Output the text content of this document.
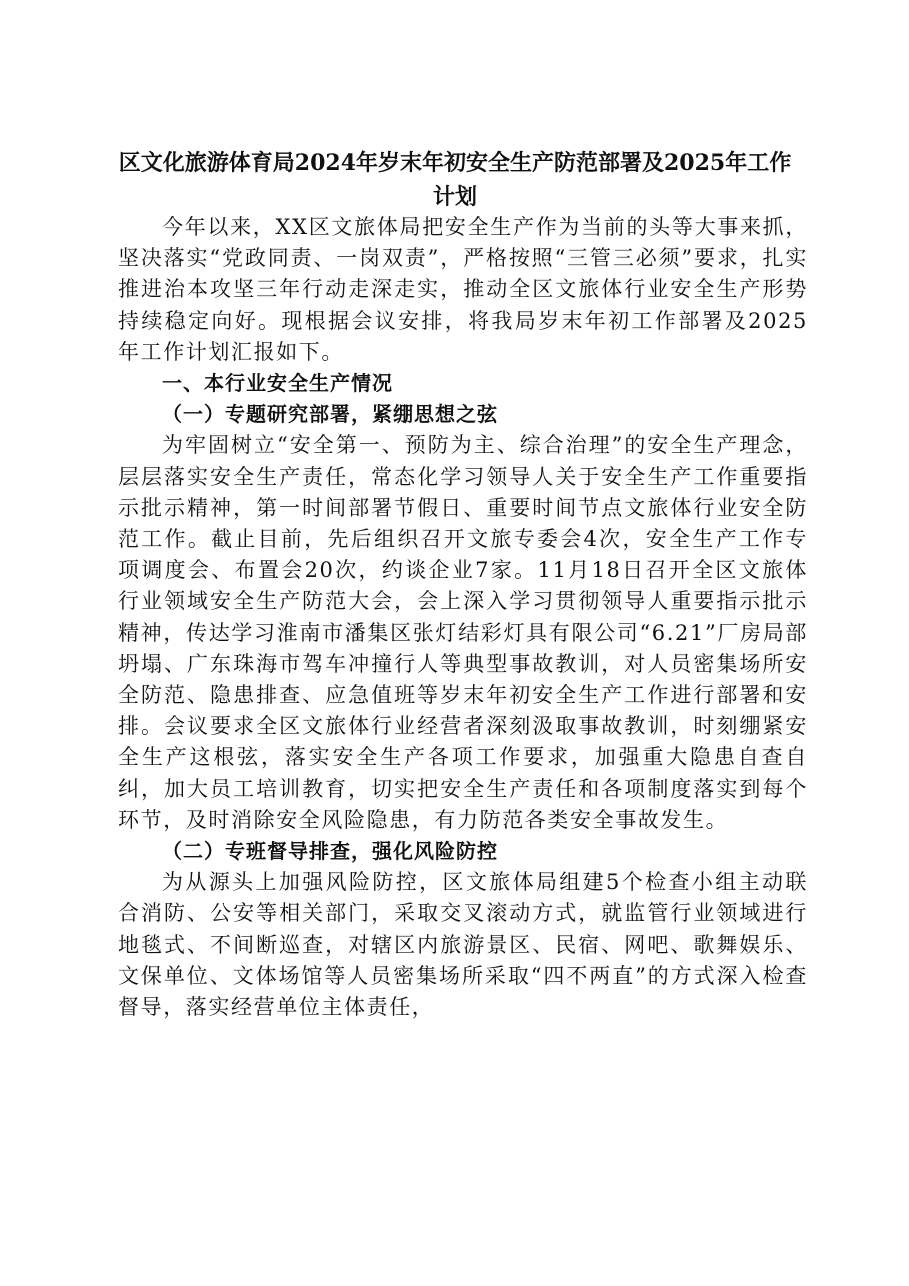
区文化旅游体育局2024年岁末年初安全生产防范部署及2025年工作计划

今年以来，XX区文旅体局把安全生产作为当前的头等大事来抓，坚决落实“党政同责、一岗双责”，严格按照“三管三必须”要求，扎实推进治本攻坚三年行动走深走实，推动全区文旅体行业安全生产形势持续稳定向好。现根据会议安排，将我局岁末年初工作部署及2025年工作计划汇报如下。

一、本行业安全生产情况

（一）专题研究部署，紧绷思想之弦

为牢固树立“安全第一、预防为主、综合治理”的安全生产理念，层层落实安全生产责任，常态化学习领导人关于安全生产工作重要指示批示精神，第一时间部署节假日、重要时间节点文旅体行业安全防范工作。截止目前，先后组织召开文旅专委会4次，安全生产工作专项调度会、布置会20次，约谈企业7家。11月18日召开全区文旅体行业领域安全生产防范大会，会上深入学习贯彻领导人重要指示批示精神，传达学习淮南市潘集区张灯结彩灯具有限公司“6.21”厂房局部坍塌、广东珠海市驾车冲撞行人等典型事故教训，对人员密集场所安全防范、隐患排查、应急值班等岁末年初安全生产工作进行部署和安排。会议要求全区文旅体行业经营者深刻汲取事故教训，时刻绷紧安全生产这根弦，落实安全生产各项工作要求，加强重大隐患自查自纠，加大员工培训教育，切实把安全生产责任和各项制度落实到每个环节，及时消除安全风险隐患，有力防范各类安全事故发生。

（二）专班督导排查，强化风险防控

为从源头上加强风险防控，区文旅体局组建5个检查小组主动联合消防、公安等相关部门，采取交叉滚动方式，就监管行业领域进行地毯式、不间断巡查，对辖区内旅游景区、民宿、网吧、歌舞娱乐、文保单位、文体场馆等人员密集场所采取“四不两直”的方式深入检查督导，落实经营单位主体责任，
